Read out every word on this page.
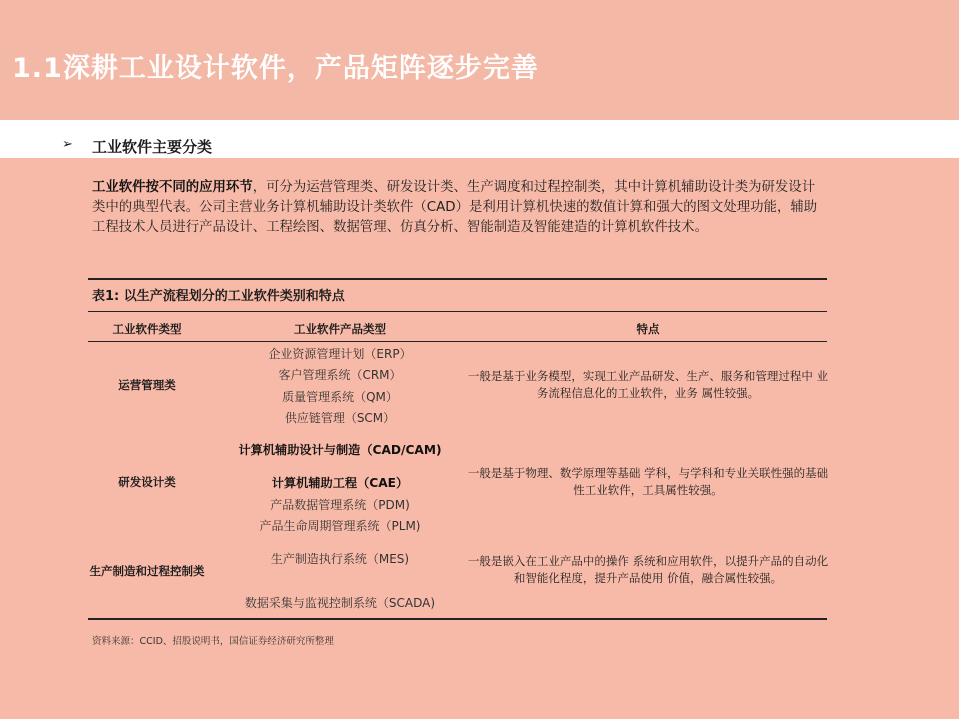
1.1深耕工业设计软件，产品矩阵逐步完善
➢ 工业软件主要分类
工业软件按不同的应用环节，可分为运营管理类、研发设计类、生产调度和过程控制类，其中计算机辅助设计类为研发设计类中的典型代表。公司主营业务计算机辅助设计类软件（CAD）是利用计算机快速的数值计算和强大的图文处理功能，辅助工程技术人员进行产品设计、工程绘图、数据管理、仿真分析、智能制造及智能建造的计算机软件技术。
表1: 以生产流程划分的工业软件类别和特点
工业软件类型	工业软件产品类型	特点
运营管理类
企业资源管理计划（ERP）
客户管理系统（CRM）
质量管理系统（QM）
供应链管理（SCM）
一般是基于业务模型，实现工业产品研发、生产、服务和管理过程中 业务流程信息化的工业软件，业务 属性较强。
研发设计类
计算机辅助设计与制造（CAD/CAM)
计算机辅助工程（CAE）
产品数据管理系统（PDM)
产品生命周期管理系统（PLM)
一般是基于物理、数学原理等基础 学科，与学科和专业关联性强的基础性工业软件，工具属性较强。
生产制造和过程控制类
生产制造执行系统（MES)
数据采集与监视控制系统（SCADA)
一般是嵌入在工业产品中的操作 系统和应用软件，以提升产品的自动化和智能化程度，提升产品使用 价值，融合属性较强。
资料来源：CCID、招股说明书，国信证券经济研究所整理
